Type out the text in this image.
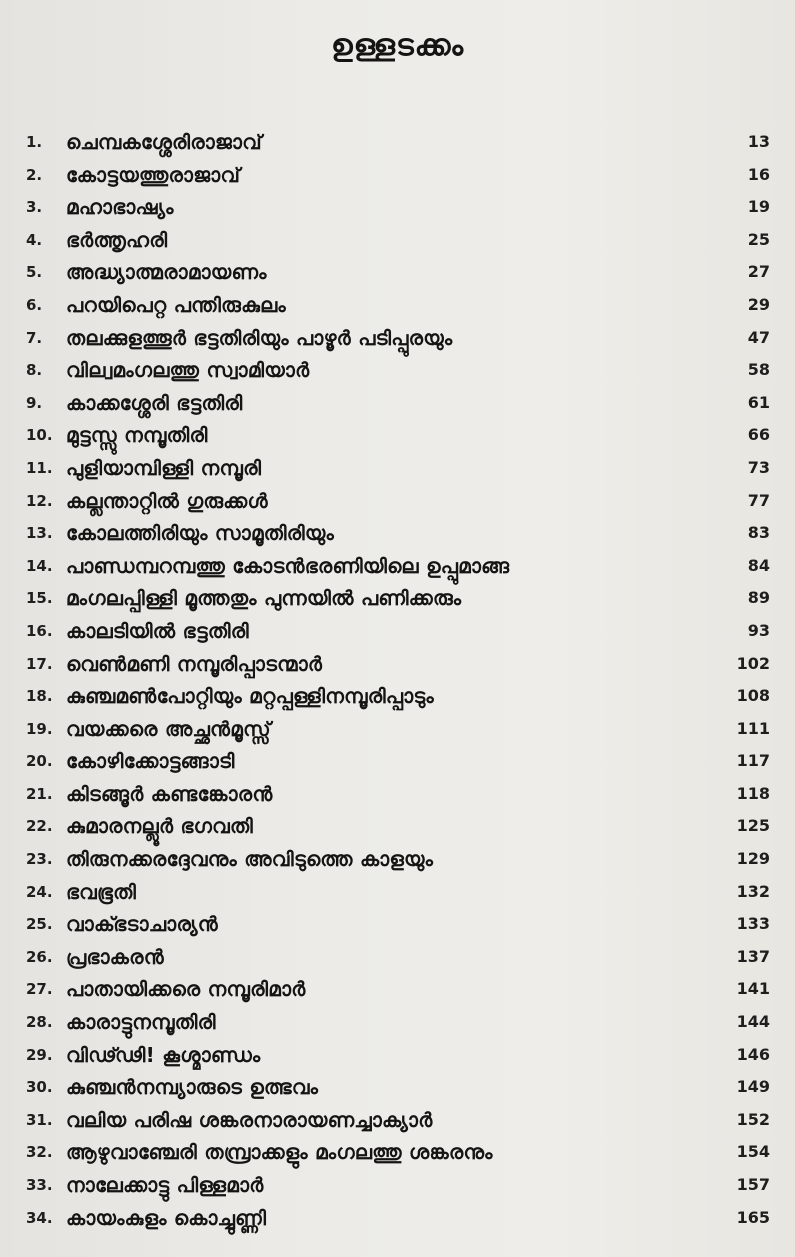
ഉള്ളടക്കം
1.	ചെമ്പകശ്ശേരിരാജാവ്	13
2.	കോട്ടയത്തുരാജാവ്	16
3.	മഹാഭാഷ്യം	19
4.	ഭർത്തൃഹരി	25
5.	അദ്ധ്യാത്മരാമായണം	27
6.	പറയിപെറ്റ പന്തിരുകുലം	29
7.	തലക്കുളത്തൂർ ഭട്ടതിരിയും പാഴൂർ പടിപ്പുരയും	47
8.	വില്വമംഗലത്തു സ്വാമിയാർ	58
9.	കാക്കശ്ശേരി ഭട്ടതിരി	61
10. മുട്ടസ്സു നമ്പൂതിരി	66
11. പുളിയാമ്പിള്ളി നമ്പൂരി	73
12. കല്ലന്താറ്റിൽ ഗുരുക്കൾ	77
13. കോലത്തിരിയും സാമൂതിരിയും	83
14. പാണ്ഡമ്പറമ്പത്തു കോടൻഭരണിയിലെ ഉപ്പുമാങ്ങ	84
15. മംഗലപ്പിള്ളി മൂത്തതും പുന്നയിൽ പണിക്കരും	89
16. കാലടിയിൽ ഭട്ടതിരി	93
17. വെൺമണി നമ്പൂരിപ്പാടന്മാർ	102
18. കുഞ്ചമൺപോറ്റിയും മറ്റപ്പള്ളിനമ്പൂരിപ്പാടും	108
19. വയക്കരെ അച്ഛൻമൂസ്സ്	111
20. കോഴിക്കോട്ടങ്ങാടി	117
21. കിടങ്ങൂർ കണ്ടങ്കോരൻ	118
22. കുമാരനല്ലൂർ ഭഗവതി	125
23. തിരുനക്കരദ്ദേവനും അവിടുത്തെ കാളയും	129
24. ഭവഭൂതി	132
25. വാക്ഭടാചാര്യൻ	133
26. പ്രഭാകരൻ	137
27. പാതായിക്കരെ നമ്പൂരിമാർ	141
28. കാരാട്ടുനമ്പൂതിരി	144
29. വിഢ്ഢി! കൂശ്മാണ്ഡം	146
30. കുഞ്ചൻനമ്പ്യാരുടെ ഉത്ഭവം	149
31. വലിയ പരിഷ ശങ്കരനാരായണച്ചാക്യാർ	152
32. ആഴുവാഞ്ചേരി തമ്പ്രാക്കളും മംഗലത്തു ശങ്കരനും	154
33. നാലേക്കാട്ടു പിള്ളമാർ	157
34. കായംകുളം കൊച്ചുണ്ണി	165
